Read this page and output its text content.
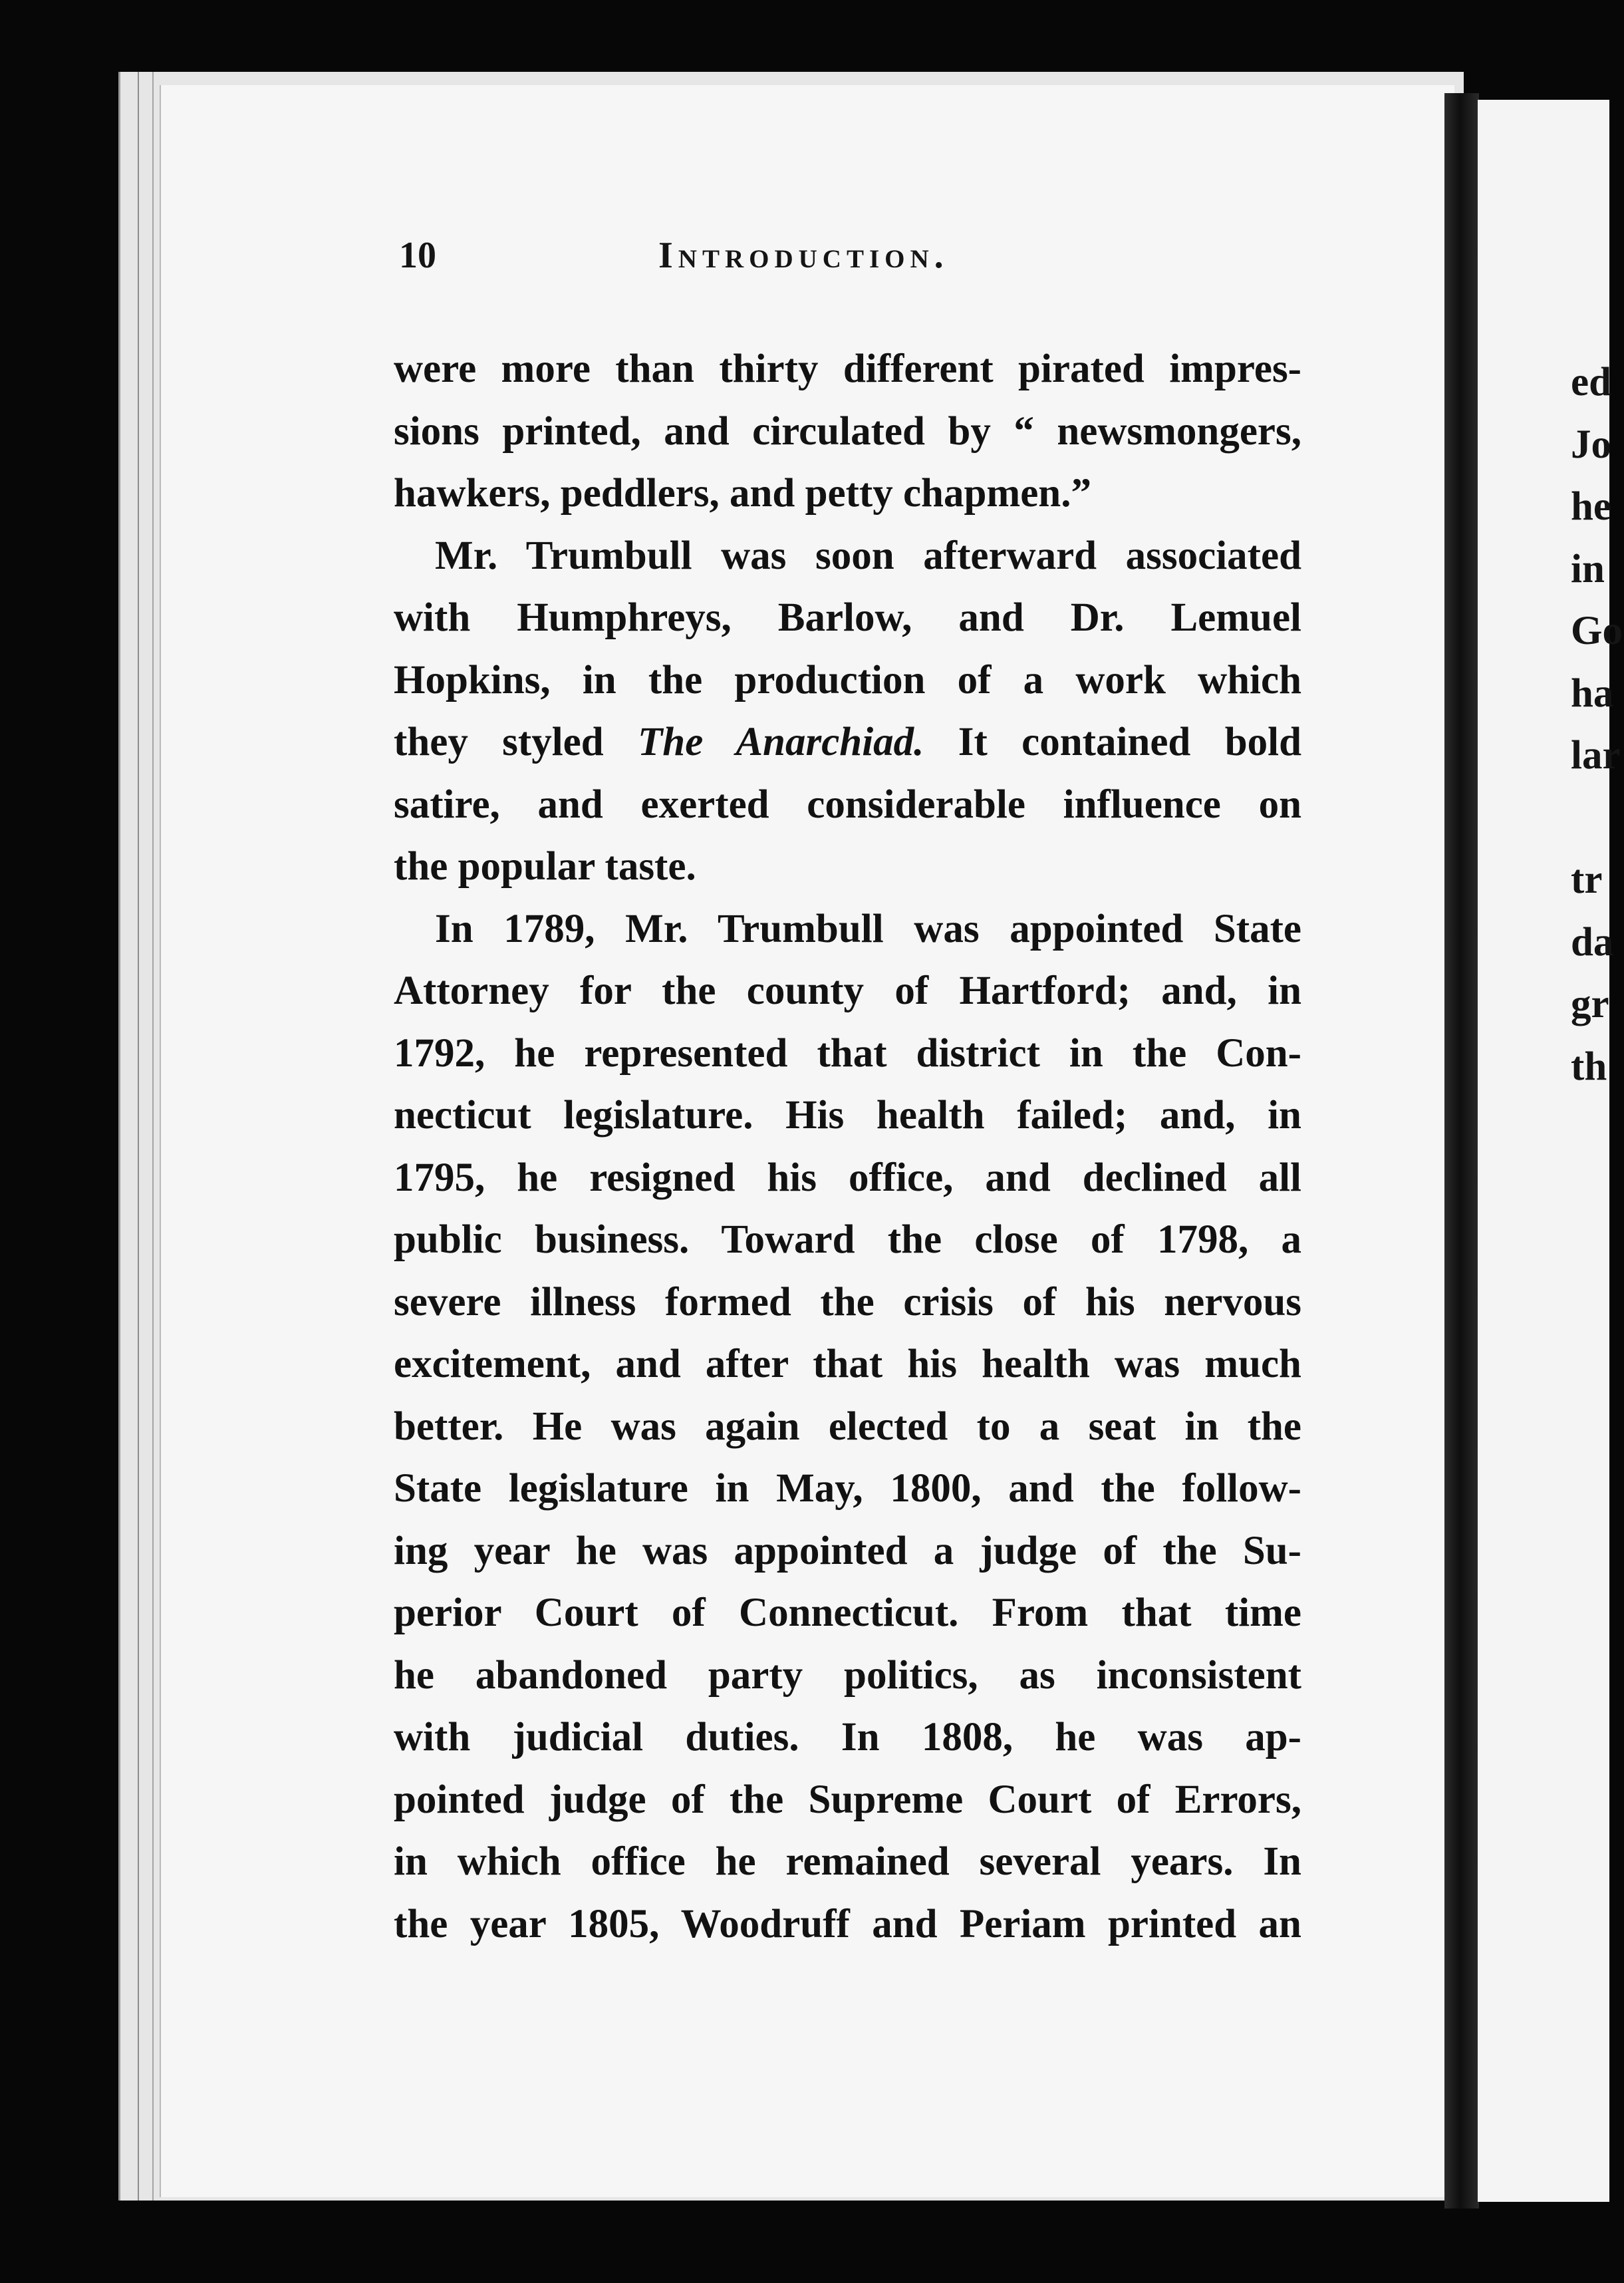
10	Introduction.
were more than thirty different pirated impres-
sions printed, and circulated by “ newsmongers,
hawkers, peddlers, and petty chapmen.”
Mr. Trumbull was soon afterward associated
with Humphreys, Barlow, and Dr. Lemuel
Hopkins, in the production of a work which
they styled The Anarchiad. It contained bold
satire, and exerted considerable influence on
the popular taste.
In 1789, Mr. Trumbull was appointed State
Attorney for the county of Hartford; and, in
1792, he represented that district in the Con-
necticut legislature. His health failed; and, in
1795, he resigned his office, and declined all
public business. Toward the close of 1798, a
severe illness formed the crisis of his nervous
excitement, and after that his health was much
better. He was again elected to a seat in the
State legislature in May, 1800, and the follow-
ing year he was appointed a judge of the Su-
perior Court of Connecticut. From that time
he abandoned party politics, as inconsistent
with judicial duties. In 1808, he was ap-
pointed judge of the Supreme Court of Errors,
in which office he remained several years. In
the year 1805, Woodruff and Periam printed an
ed
Jo
he
in
Go
ha
lar
tr
da
gr
th
